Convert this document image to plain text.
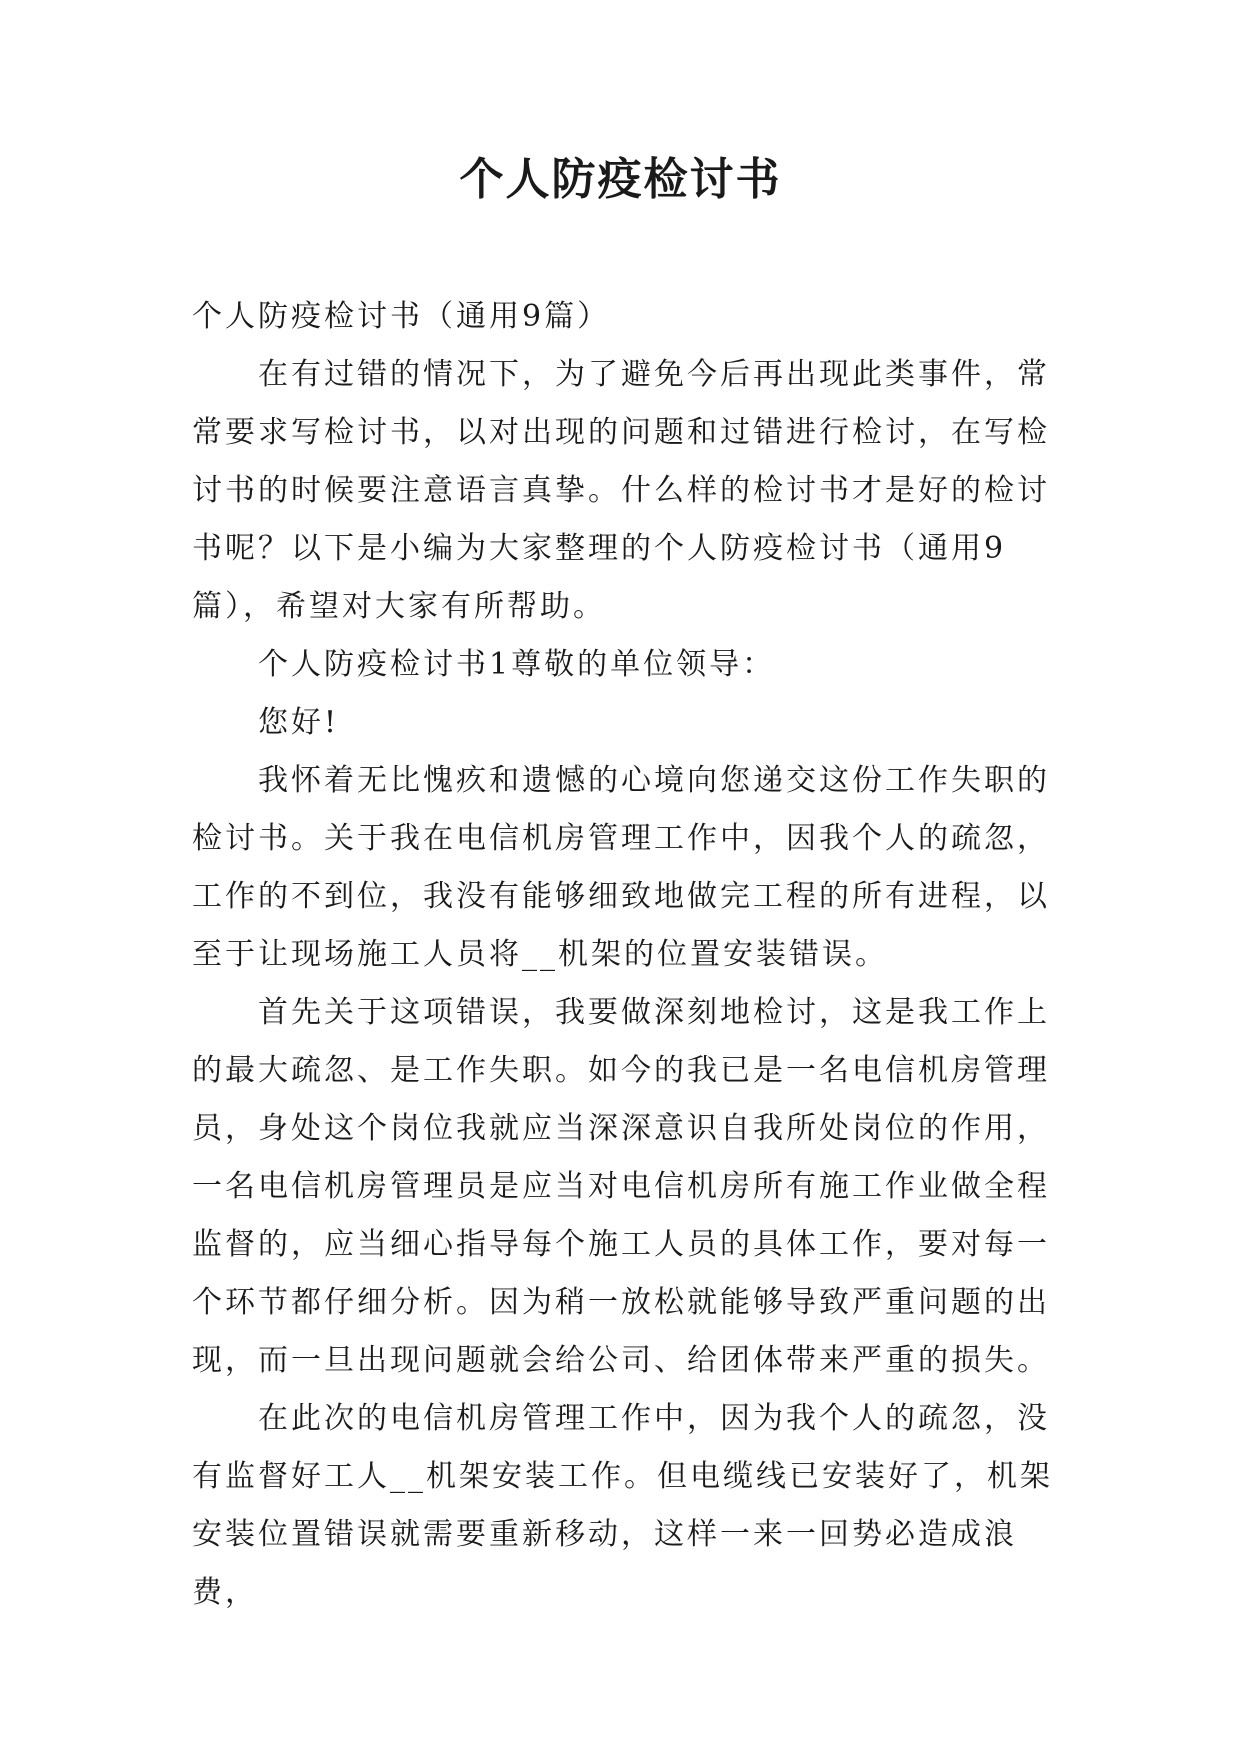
个人防疫检讨书

个人防疫检讨书（通用9篇）

在有过错的情况下，为了避免今后再出现此类事件，常常要求写检讨书，以对出现的问题和过错进行检讨，在写检讨书的时候要注意语言真挚。什么样的检讨书才是好的检讨书呢？以下是小编为大家整理的个人防疫检讨书（通用9篇），希望对大家有所帮助。

个人防疫检讨书1尊敬的单位领导：

您好!

我怀着无比愧疚和遗憾的心境向您递交这份工作失职的检讨书。关于我在电信机房管理工作中，因我个人的疏忽，工作的不到位，我没有能够细致地做完工程的所有进程，以至于让现场施工人员将__机架的位置安装错误。

首先关于这项错误，我要做深刻地检讨，这是我工作上的最大疏忽、是工作失职。如今的我已是一名电信机房管理员，身处这个岗位我就应当深深意识自我所处岗位的作用，一名电信机房管理员是应当对电信机房所有施工作业做全程监督的，应当细心指导每个施工人员的具体工作，要对每一个环节都仔细分析。因为稍一放松就能够导致严重问题的出现，而一旦出现问题就会给公司、给团体带来严重的损失。

在此次的电信机房管理工作中，因为我个人的疏忽，没有监督好工人__机架安装工作。但电缆线已安装好了，机架安装位置错误就需要重新移动，这样一来一回势必造成浪费，
